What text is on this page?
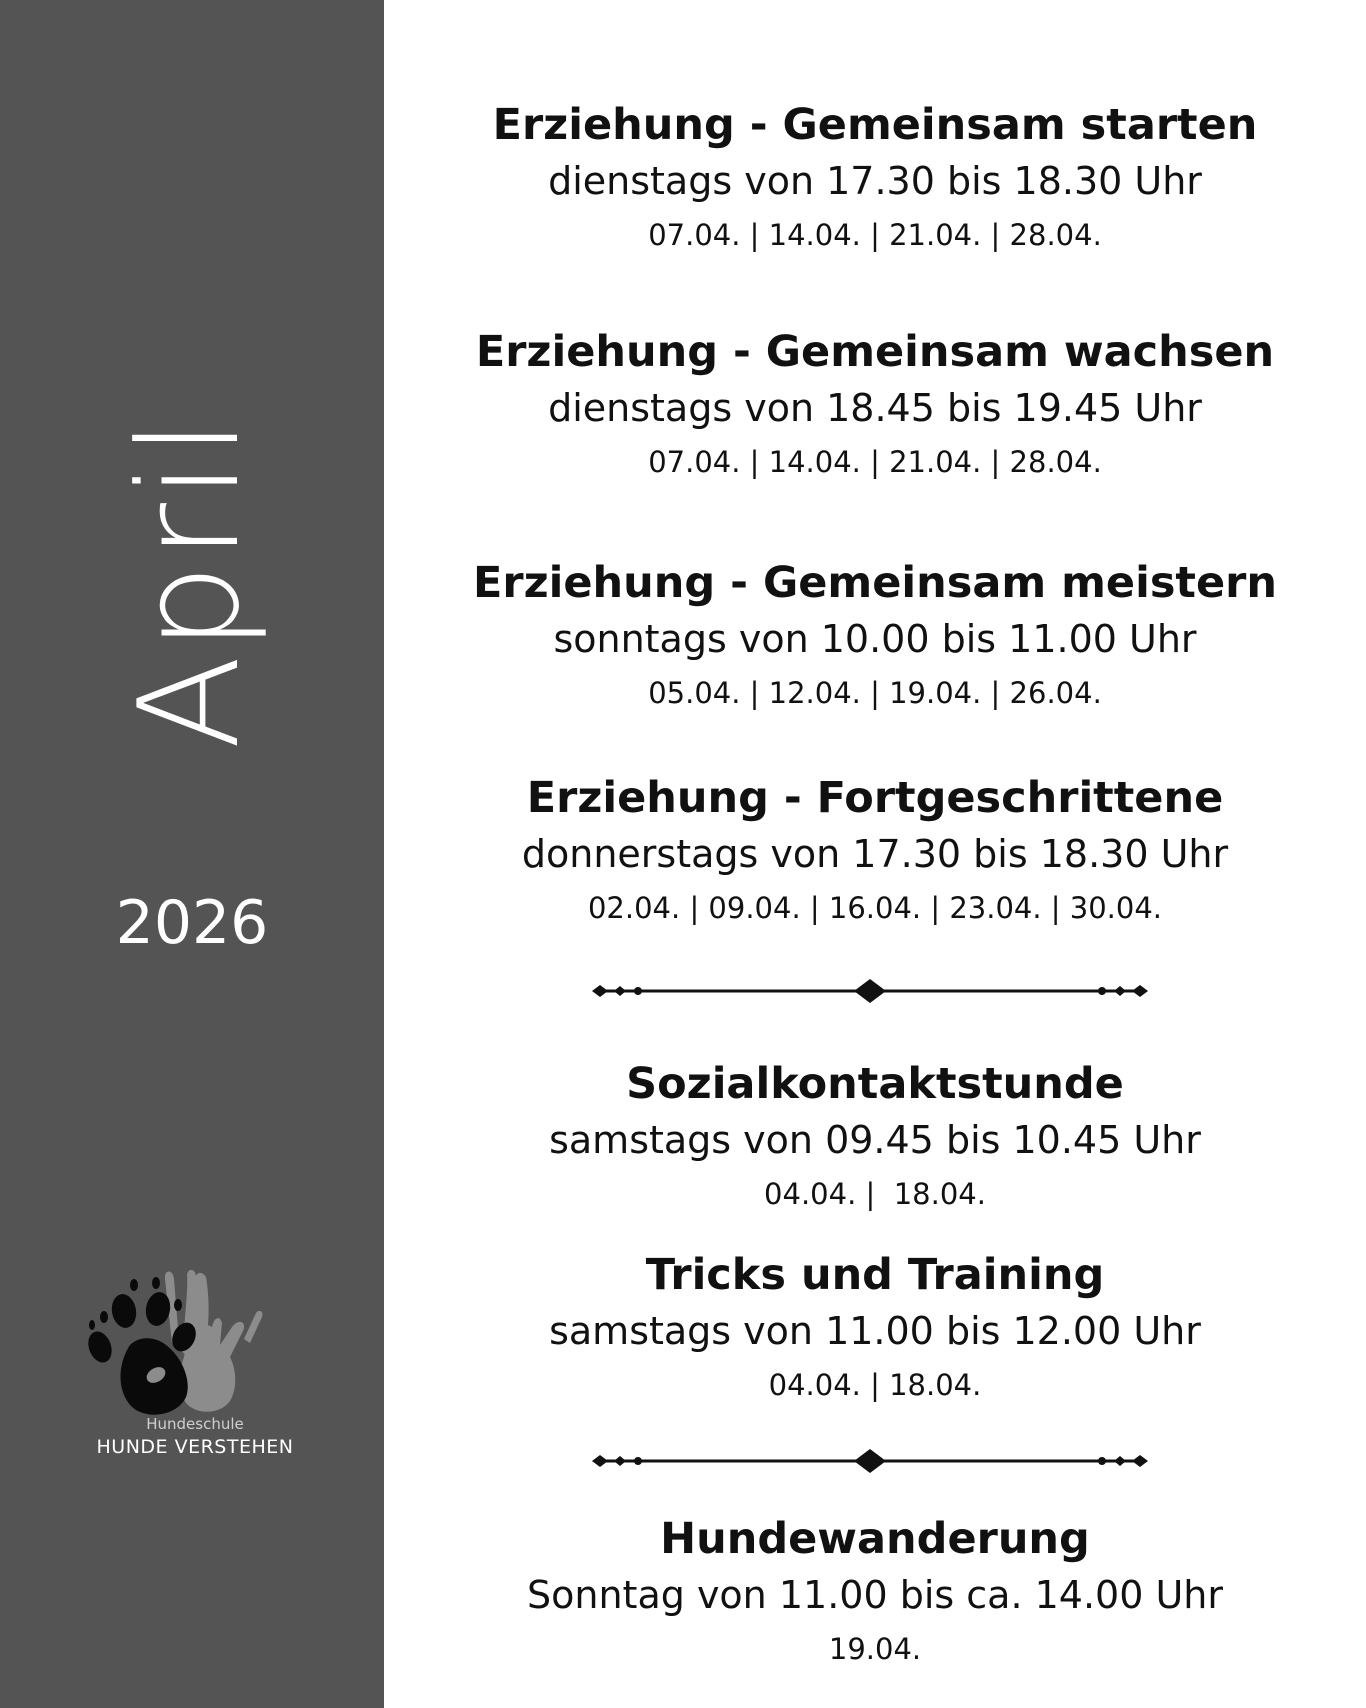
April
2026
Hundeschule
HUNDE VERSTEHEN
Erziehung - Gemeinsam starten
dienstags von 17.30 bis 18.30 Uhr
07.04. | 14.04. | 21.04. | 28.04.
Erziehung - Gemeinsam wachsen
dienstags von 18.45 bis 19.45 Uhr
07.04. | 14.04. | 21.04. | 28.04.
Erziehung - Gemeinsam meistern
sonntags von 10.00 bis 11.00 Uhr
05.04. | 12.04. | 19.04. | 26.04.
Erziehung - Fortgeschrittene
donnerstags von 17.30 bis 18.30 Uhr
02.04. | 09.04. | 16.04. | 23.04. | 30.04.
Sozialkontaktstunde
samstags von 09.45 bis 10.45 Uhr
04.04. |  18.04.
Tricks und Training
samstags von 11.00 bis 12.00 Uhr
04.04. | 18.04.
Hundewanderung
Sonntag von 11.00 bis ca. 14.00 Uhr
19.04.
